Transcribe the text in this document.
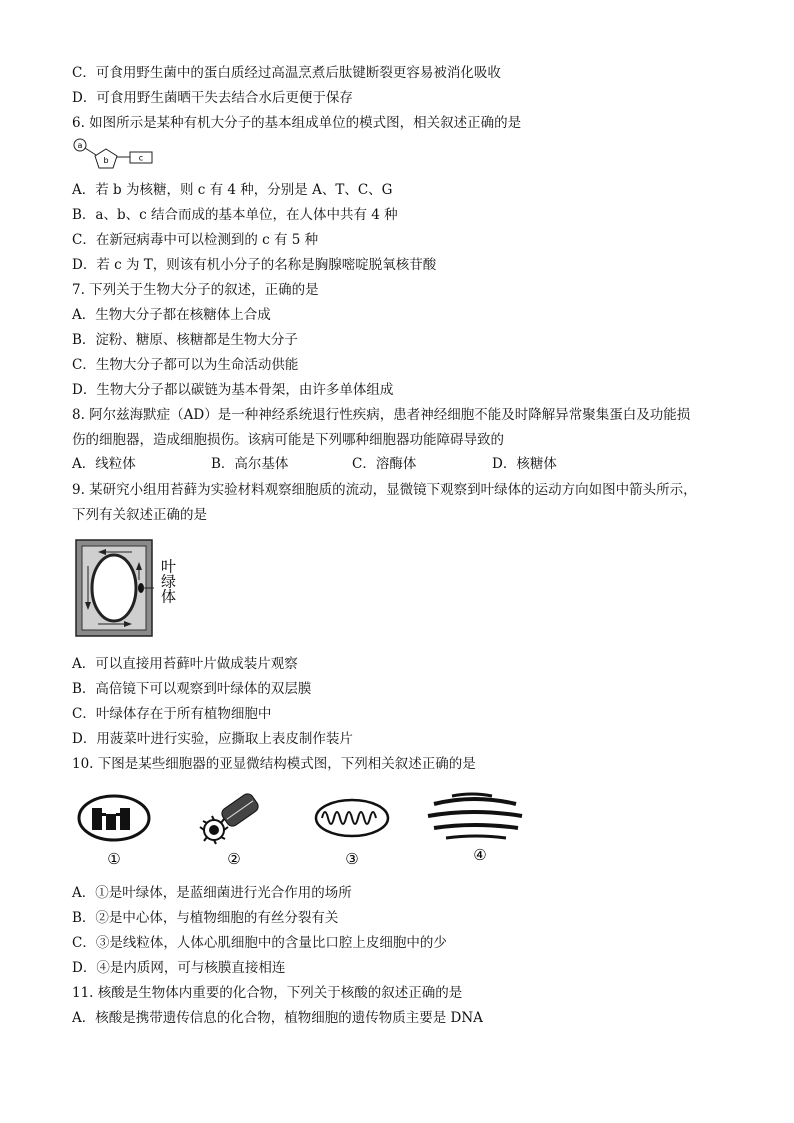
C．可食用野生菌中的蛋白质经过高温烹煮后肽键断裂更容易被消化吸收
D．可食用野生菌晒干失去结合水后更便于保存
6. 如图所示是某种有机大分子的基本组成单位的模式图，相关叙述正确的是
a
b	c
A．若 b 为核糖，则 c 有 4 种，分别是 A、T、C、G
B．a、b、c 结合而成的基本单位，在人体中共有 4 种
C．在新冠病毒中可以检测到的 c 有 5 种
D．若 c 为 T，则该有机小分子的名称是胸腺嘧啶脱氧核苷酸
7. 下列关于生物大分子的叙述，正确的是
A．生物大分子都在核糖体上合成
B．淀粉、糖原、核糖都是生物大分子
C．生物大分子都可以为生命活动供能
D．生物大分子都以碳链为基本骨架，由许多单体组成
8. 阿尔兹海默症（AD）是一种神经系统退行性疾病，患者神经细胞不能及时降解异常聚集蛋白及功能损
伤的细胞器，造成细胞损伤。该病可能是下列哪种细胞器功能障碍导致的
A．线粒体	B．高尔基体	C．溶酶体	D．核糖体
9. 某研究小组用苔藓为实验材料观察细胞质的流动，显微镜下观察到叶绿体的运动方向如图中箭头所示，
下列有关叙述正确的是
叶绿体
A．可以直接用苔藓叶片做成装片观察
B．高倍镜下可以观察到叶绿体的双层膜
C．叶绿体存在于所有植物细胞中
D．用菠菜叶进行实验，应撕取上表皮制作装片
10. 下图是某些细胞器的亚显微结构模式图，下列相关叙述正确的是
①	②	③	④
A．①是叶绿体，是蓝细菌进行光合作用的场所
B．②是中心体，与植物细胞的有丝分裂有关
C．③是线粒体，人体心肌细胞中的含量比口腔上皮细胞中的少
D．④是内质网，可与核膜直接相连
11. 核酸是生物体内重要的化合物，下列关于核酸的叙述正确的是
A．核酸是携带遗传信息的化合物，植物细胞的遗传物质主要是 DNA
